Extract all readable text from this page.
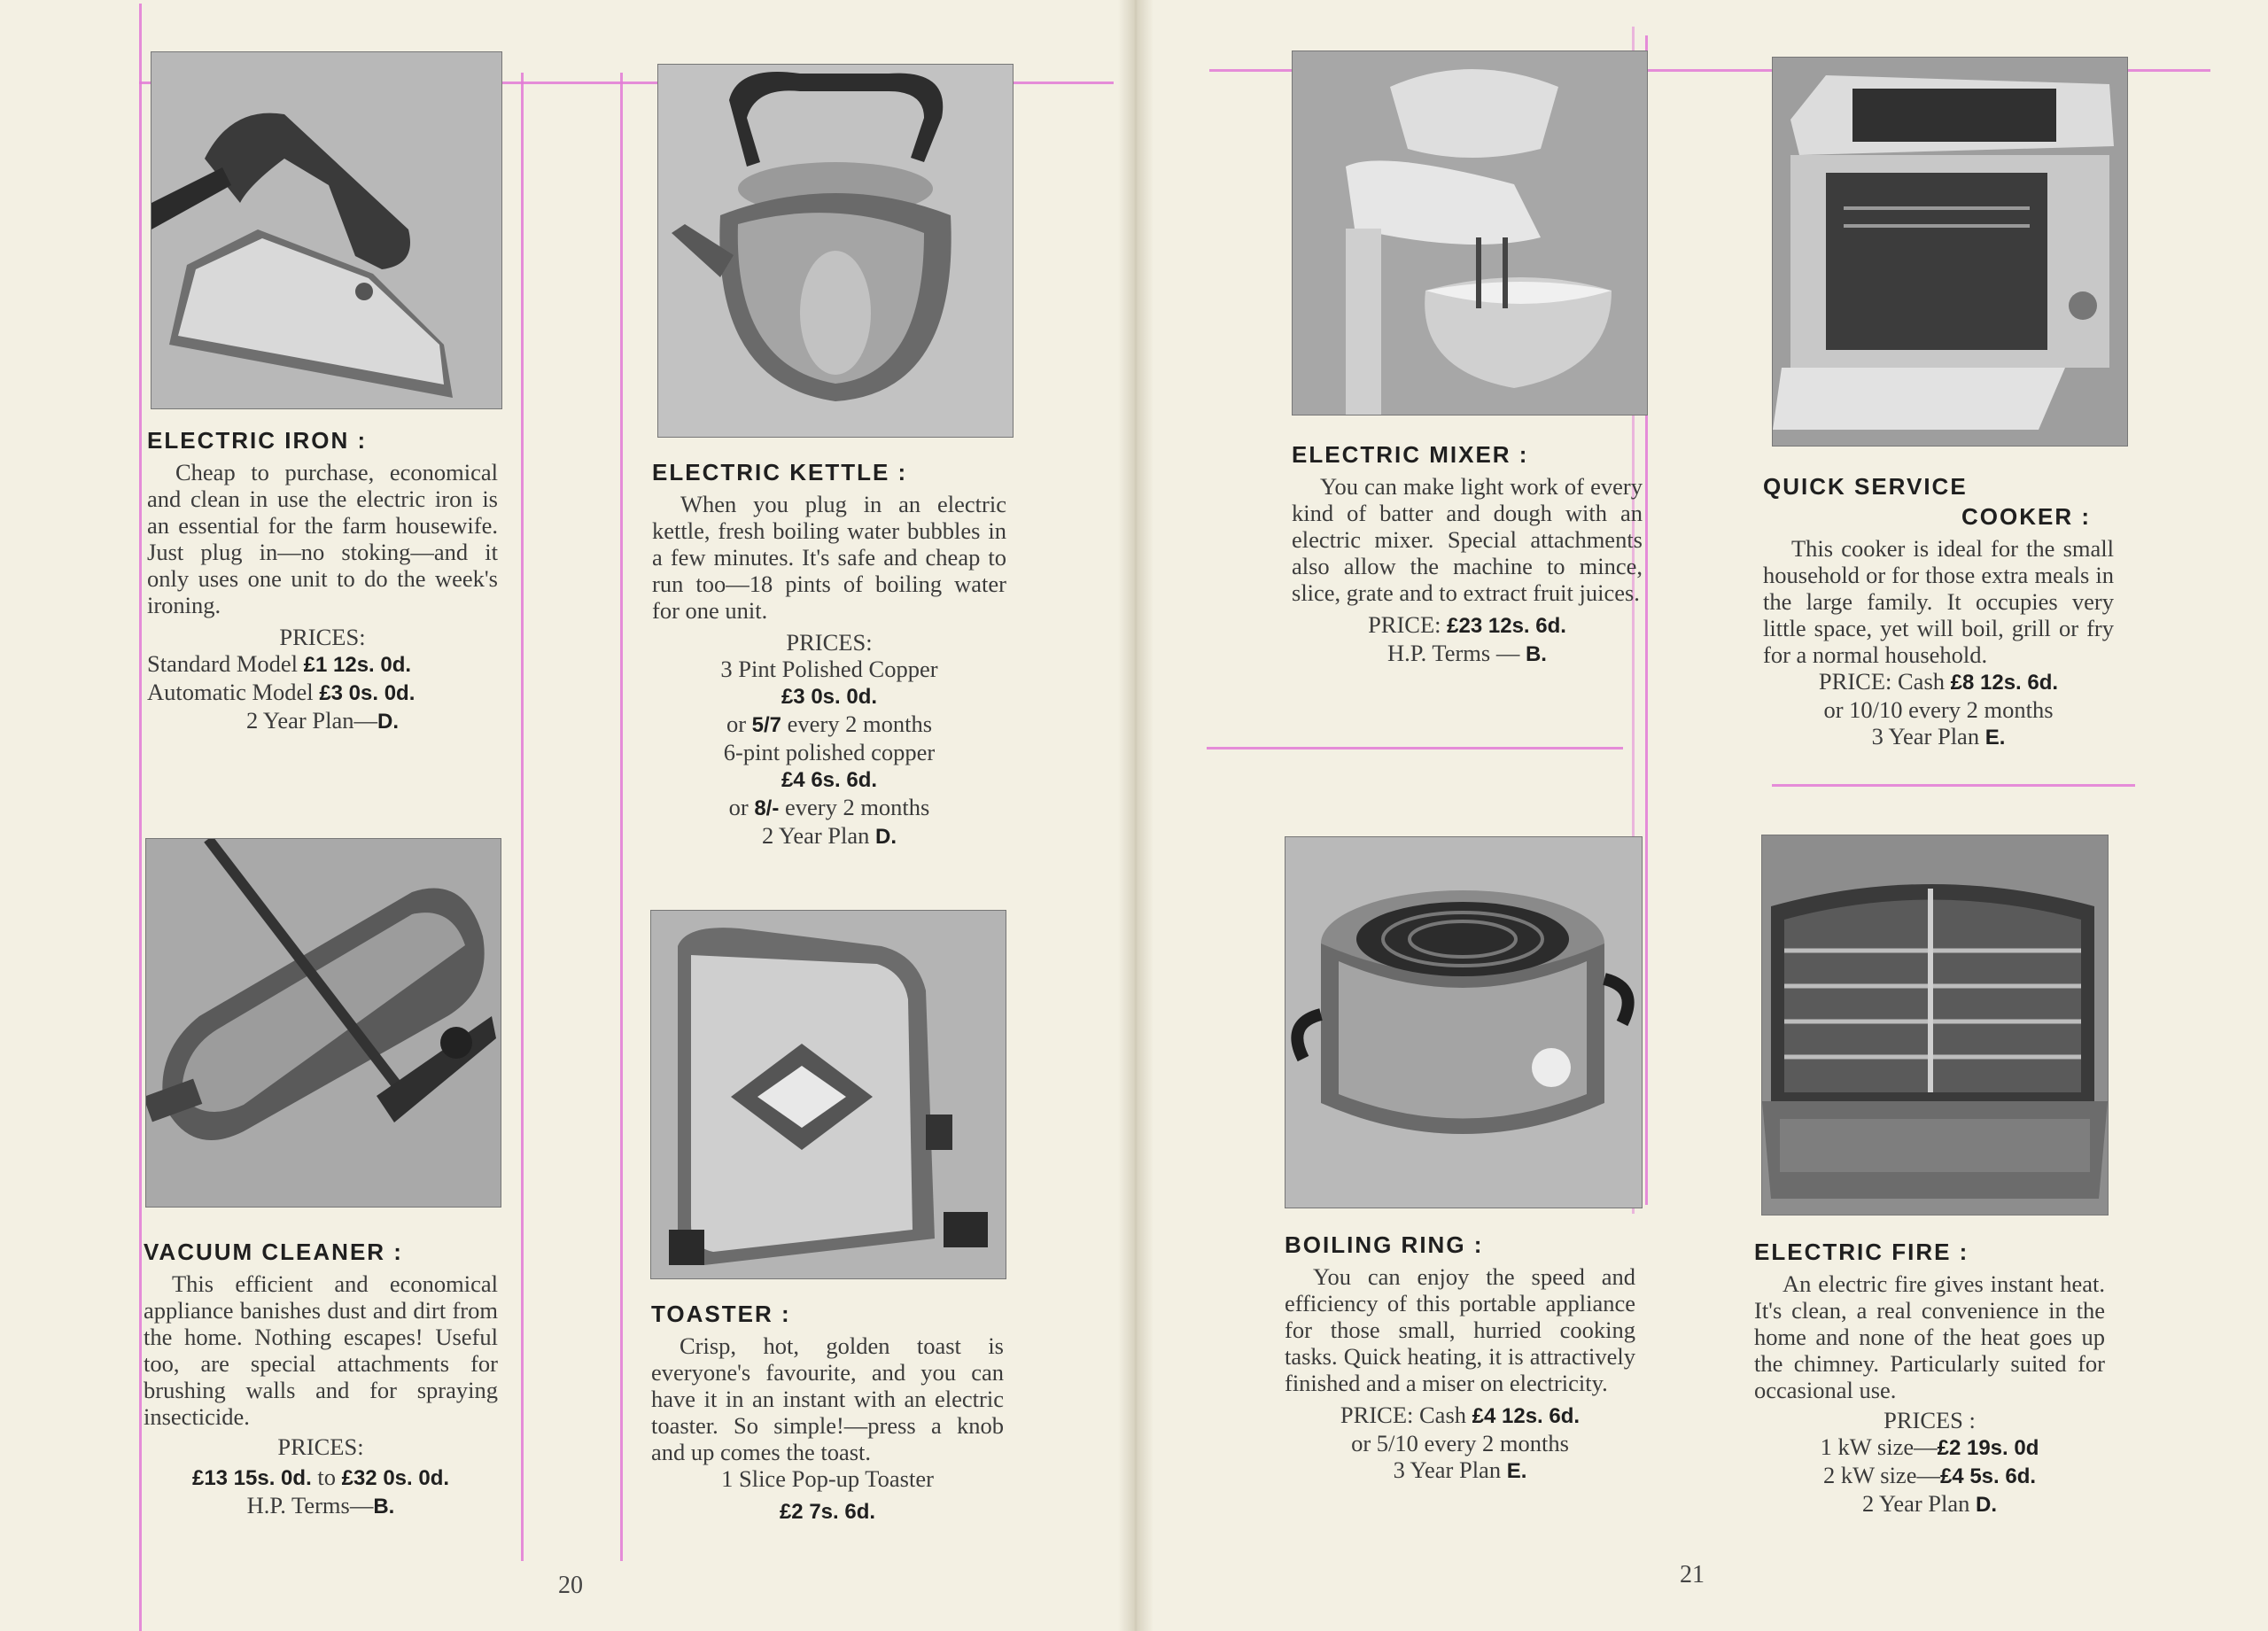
ELECTRIC IRON :
Cheap to purchase, economical and clean in use the electric iron is an essential for the farm housewife. Just plug in—no stoking—and it only uses one unit to do the week's ironing.
PRICES:
Standard Model £1 12s. 0d.
Automatic Model £3 0s. 0d.
2 Year Plan—D.
ELECTRIC KETTLE :
When you plug in an electric kettle, fresh boiling water bubbles in a few minutes. It's safe and cheap to run too—18 pints of boiling water for one unit.
PRICES:
3 Pint Polished Copper
£3 0s. 0d.
or 5/7 every 2 months
6-pint polished copper
£4 6s. 6d.
or 8/- every 2 months
2 Year Plan D.
VACUUM CLEANER :
This efficient and economical appliance banishes dust and dirt from the home. Nothing escapes! Useful too, are special attachments for brushing walls and for spraying insecticide.
PRICES:
£13 15s. 0d. to £32 0s. 0d.
H.P. Terms—B.
TOASTER :
Crisp, hot, golden toast is everyone's favourite, and you can have it in an instant with an electric toaster. So simple!—press a knob and up comes the toast.
1 Slice Pop-up Toaster
£2 7s. 6d.
20
ELECTRIC MIXER :
You can make light work of every kind of batter and dough with an electric mixer. Special attachments also allow the machine to mince, slice, grate and to extract fruit juices.
PRICE: £23 12s. 6d.
H.P. Terms — B.
QUICK SERVICE
COOKER :
This cooker is ideal for the small household or for those extra meals in the large family. It occupies very little space, yet will boil, grill or fry for a normal household.
PRICE: Cash £8 12s. 6d.
or 10/10 every 2 months
3 Year Plan E.
BOILING RING :
You can enjoy the speed and efficiency of this portable appliance for those small, hurried cooking tasks. Quick heating, it is attractively finished and a miser on electricity.
PRICE: Cash £4 12s. 6d.
or 5/10 every 2 months
3 Year Plan E.
ELECTRIC FIRE :
An electric fire gives instant heat. It's clean, a real convenience in the home and none of the heat goes up the chimney. Particularly suited for occasional use.
PRICES :
1 kW size—£2 19s. 0d
2 kW size—£4 5s. 6d.
2 Year Plan D.
21
